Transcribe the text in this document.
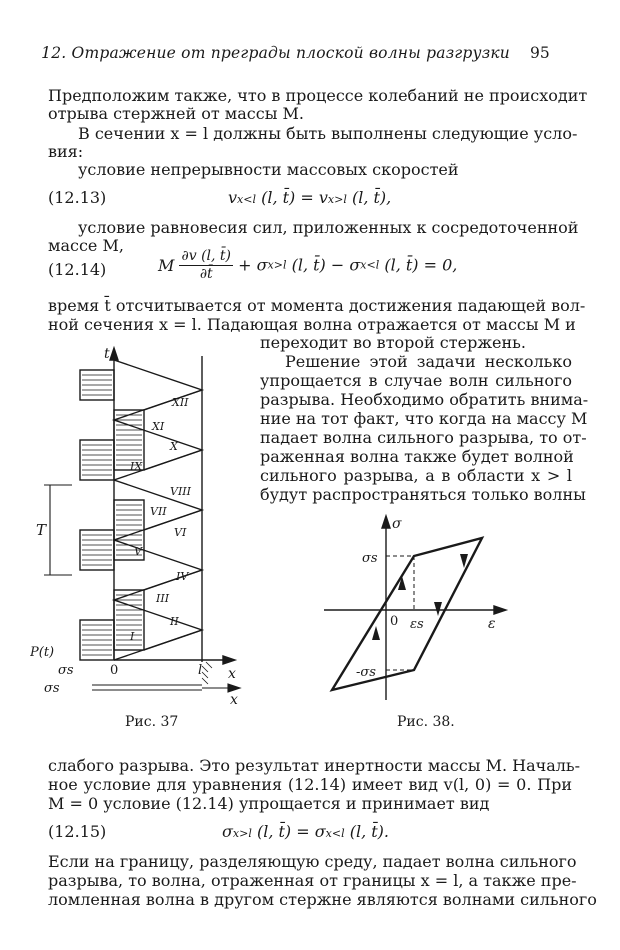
12. Отражение от преграды плоской волны разгрузки 95
Предположим также, что в процессе колебаний не происходит
отрыва стержней от массы M.
В сечении x = l должны быть выполнены следующие усло-
вия:
условие непрерывности массовых скоростей
(12.13)	vx<l (l, t̄) = vx>l (l, t̄),
условие равновесия сил, приложенных к сосредоточенной
массе M,
(12.14)	M $\frac{\partial v (l, t̄)}{\partial t̄} + \sigma x>l$ (l, t̄) − σx<l (l, t̄) = 0,
время t̄ отсчитывается от момента достижения падающей вол-
ной сечения x = l. Падающая волна отражается от массы M и
переходит во второй стержень.
Решение этой задачи несколько
упрощается в случае волн сильного
разрыва. Необходимо обратить внима-
ние на тот факт, что когда на массу M
падает волна сильного разрыва, то от-
раженная волна также будет волной
сильного разрыва, а в области x > l
будут распространяться только волны
t
x
x
T
P(t)
σs
σs
0	l
I
II
III
IV
V
VI
VII
VIII
IX
X
XI
XII
Рис. 37
σ
ε
σs
-σs
0 εs
Рис. 38.
слабого разрыва. Это результат инертности массы M. Началь-
ное условие для уравнения (12.14) имеет вид v(l, 0) = 0. При
M = 0 условие (12.14) упрощается и принимает вид
(12.15)	σx>l (l, t̄) = σx<l (l, t̄).
Если на границу, разделяющую среду, падает волна сильного
разрыва, то волна, отраженная от границы x = l, а также пре-
ломленная волна в другом стержне являются волнами сильного
